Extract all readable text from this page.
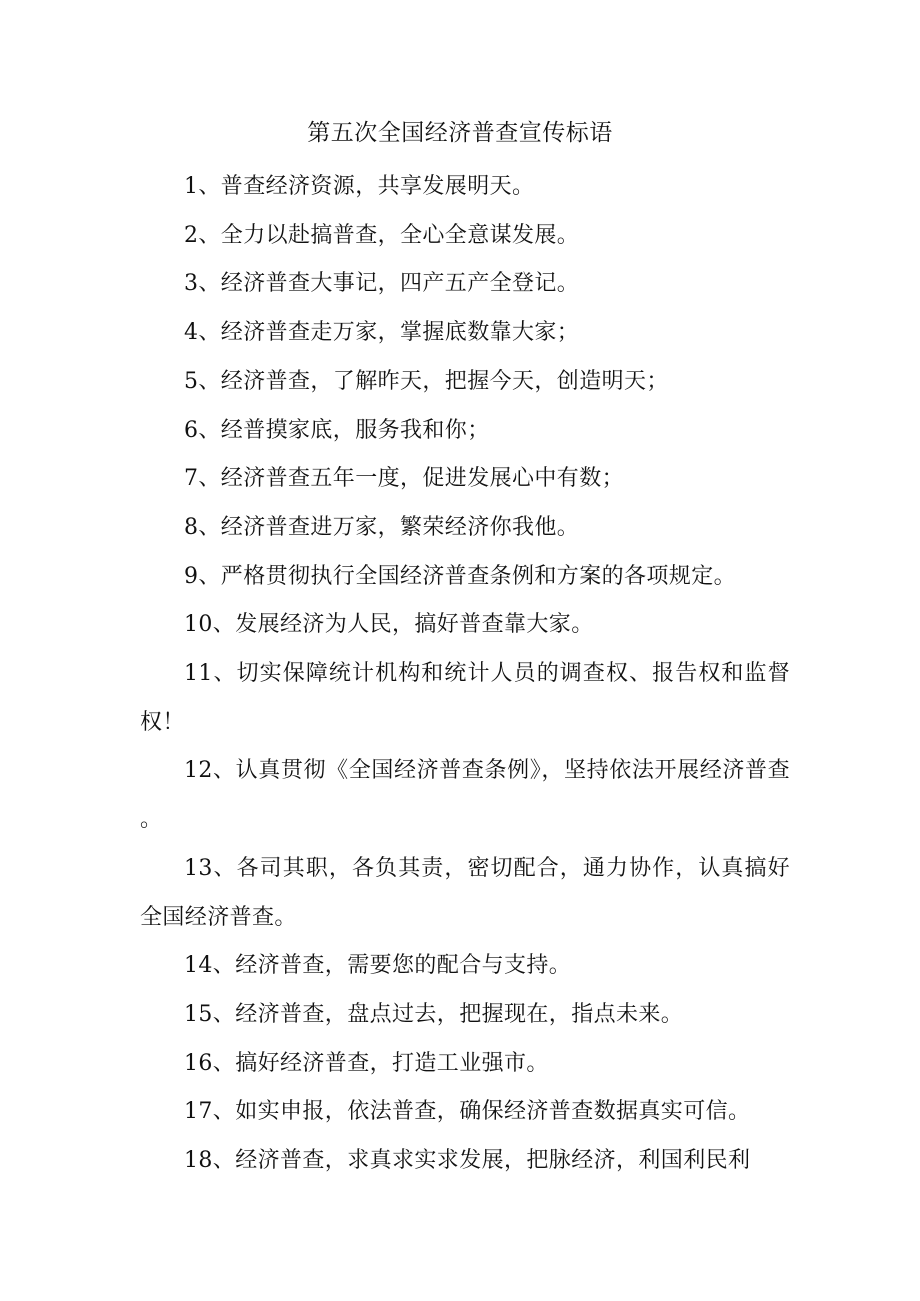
第五次全国经济普查宣传标语

1、普查经济资源，共享发展明天。

2、全力以赴搞普查，全心全意谋发展。

3、经济普查大事记，四产五产全登记。

4、经济普查走万家，掌握底数靠大家；

5、经济普查，了解昨天，把握今天，创造明天；

6、经普摸家底，服务我和你；

7、经济普查五年一度，促进发展心中有数；

8、经济普查进万家，繁荣经济你我他。

9、严格贯彻执行全国经济普查条例和方案的各项规定。

10、发展经济为人民，搞好普查靠大家。

11、切实保障统计机构和统计人员的调查权、报告权和监督权！

12、认真贯彻《全国经济普查条例》，坚持依法开展经济普查。

13、各司其职，各负其责，密切配合，通力协作，认真搞好全国经济普查。

14、经济普查，需要您的配合与支持。

15、经济普查，盘点过去，把握现在，指点未来。

16、搞好经济普查，打造工业强市。

17、如实申报，依法普查，确保经济普查数据真实可信。

18、经济普查，求真求实求发展，把脉经济，利国利民利
